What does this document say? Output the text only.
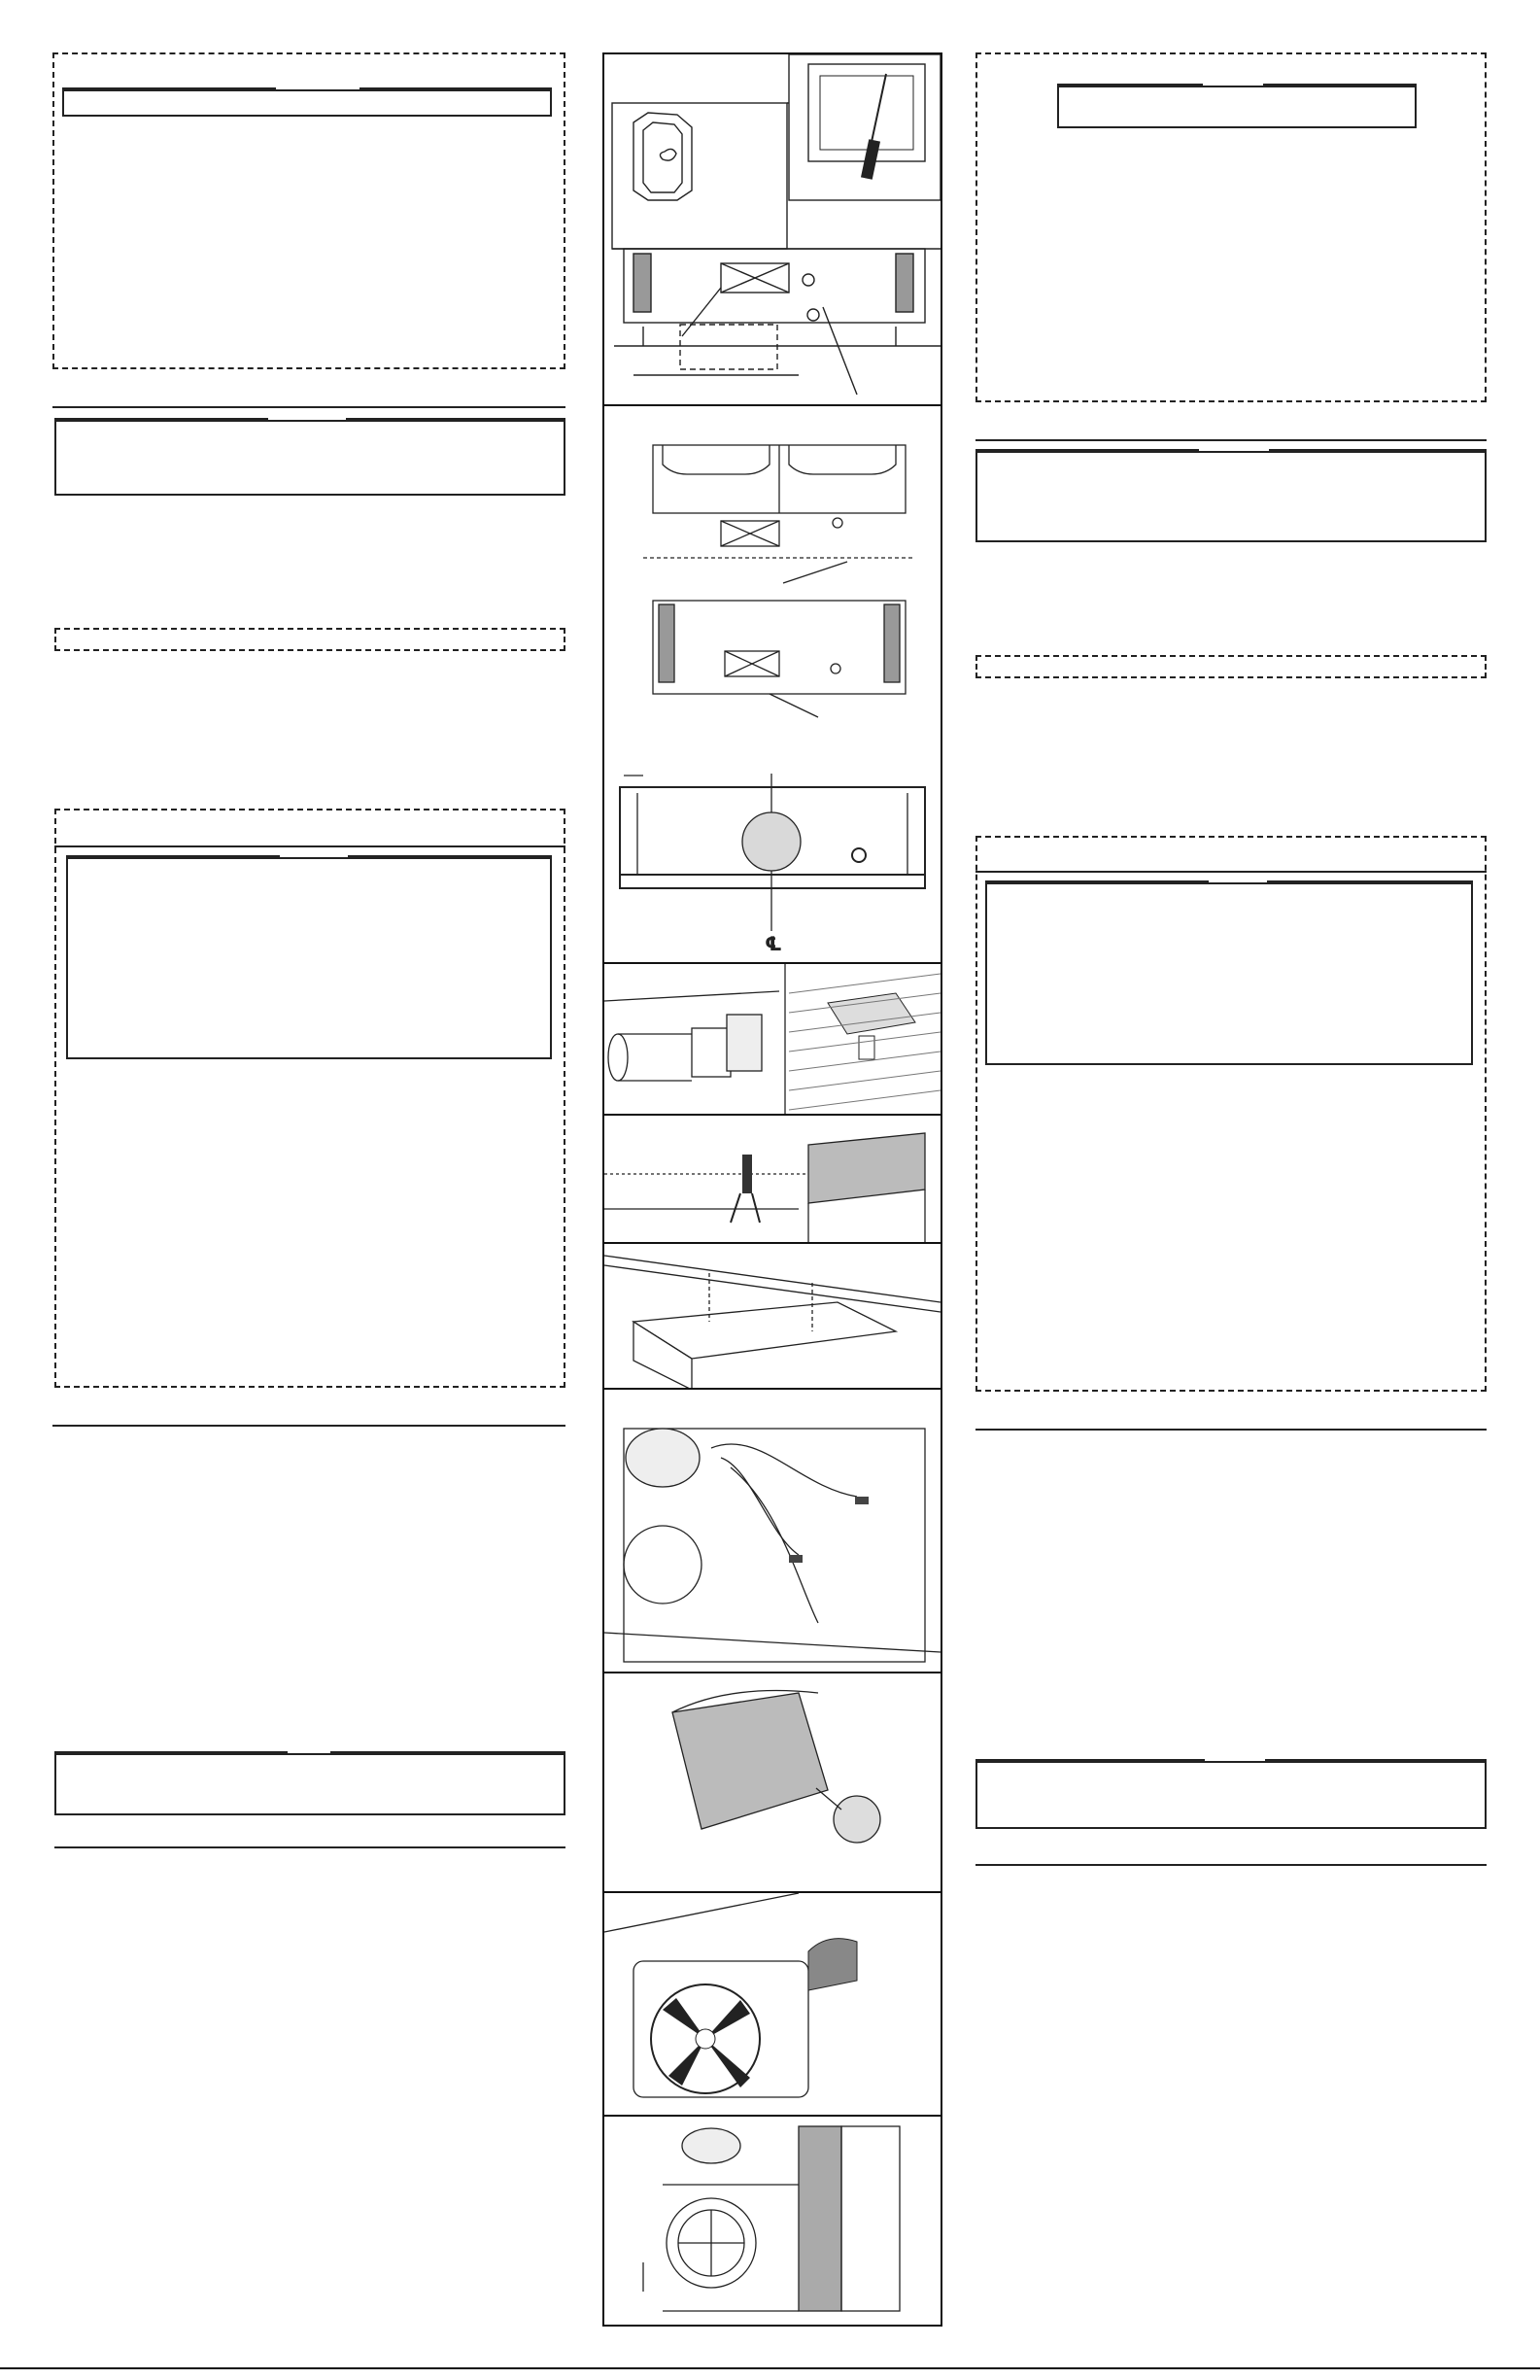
℄
